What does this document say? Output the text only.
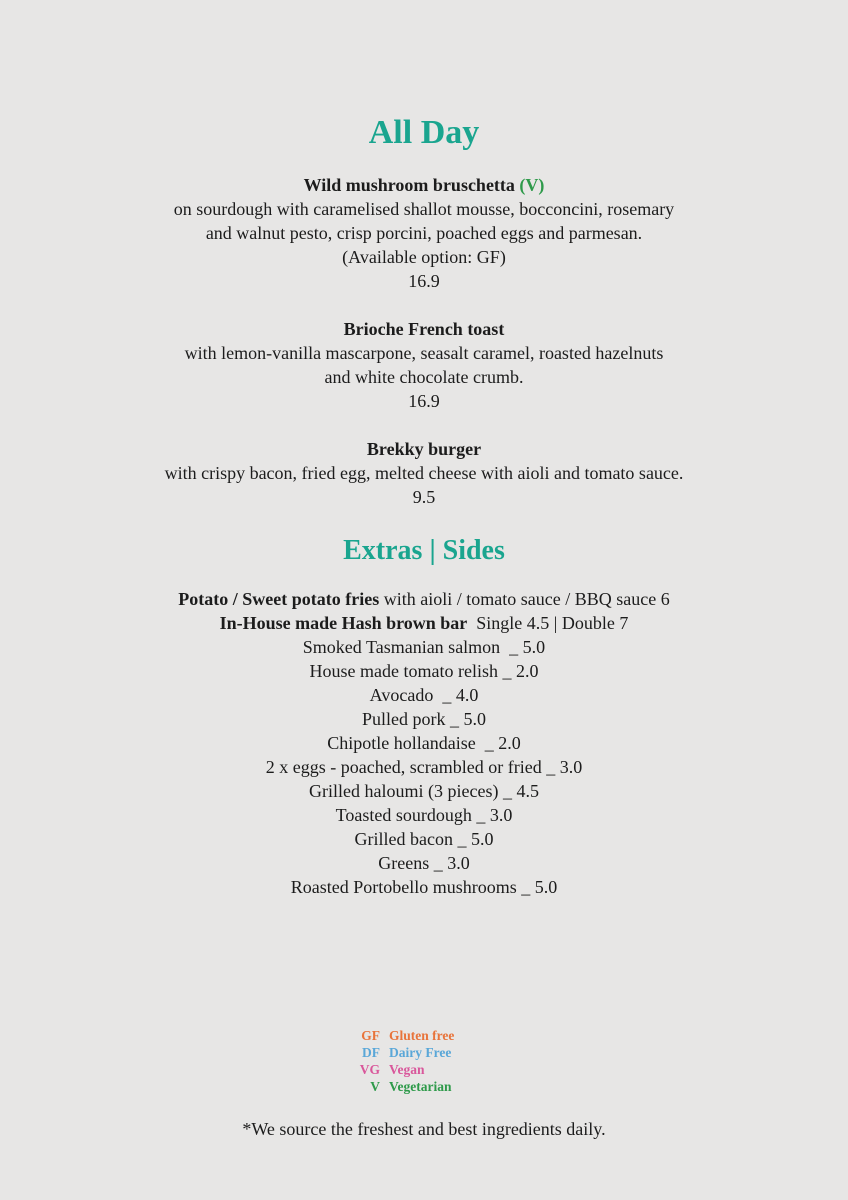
All Day
Wild mushroom bruschetta (V)
on sourdough with caramelised shallot mousse, bocconcini, rosemary
and walnut pesto, crisp porcini, poached eggs and parmesan.
(Available option: GF)
16.9
Brioche French toast
with lemon-vanilla mascarpone, seasalt caramel, roasted hazelnuts
and white chocolate crumb.
16.9
Brekky burger
with crispy bacon, fried egg, melted cheese with aioli and tomato sauce.
9.5
Extras | Sides
Potato / Sweet potato fries with aioli / tomato sauce / BBQ sauce 6
In-House made Hash brown bar  Single 4.5 | Double 7
Smoked Tasmanian salmon  _ 5.0
House made tomato relish _ 2.0
Avocado  _ 4.0
Pulled pork _ 5.0
Chipotle hollandaise  _ 2.0
2 x eggs - poached, scrambled or fried _ 3.0
Grilled haloumi (3 pieces) _ 4.5
Toasted sourdough _ 3.0
Grilled bacon _ 5.0
Greens _ 3.0
Roasted Portobello mushrooms _ 5.0
GF Gluten free
DF Dairy Free
VG Vegan
V Vegetarian
*We source the freshest and best ingredients daily.
